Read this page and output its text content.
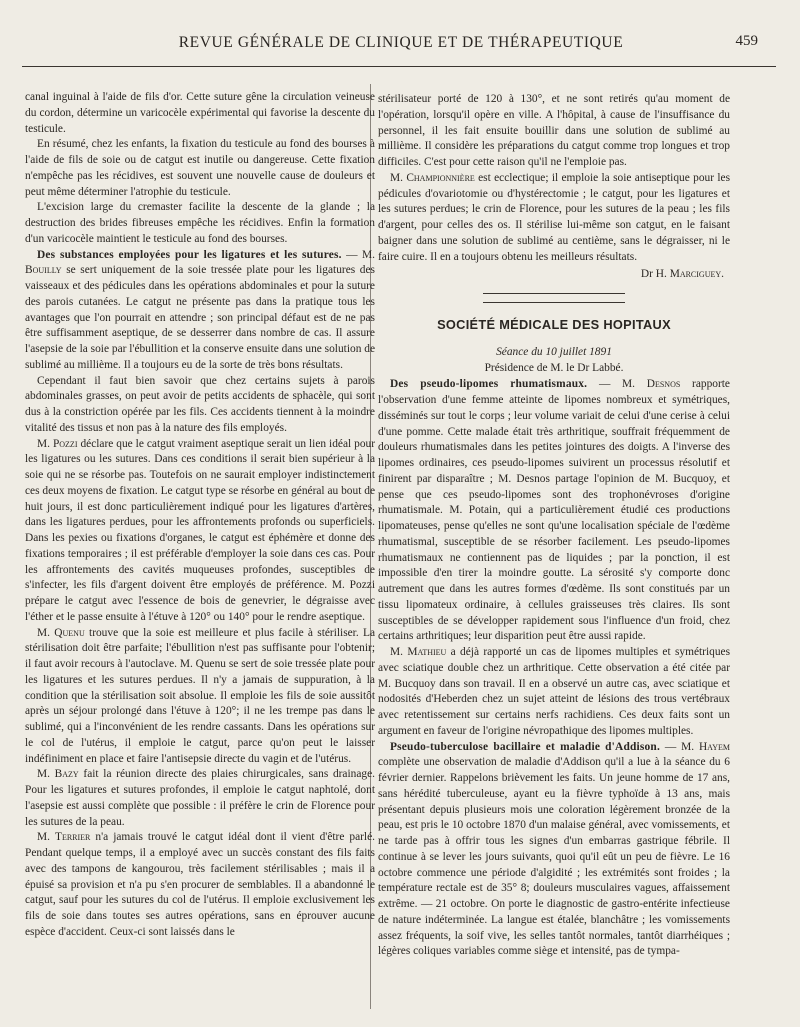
REVUE GÉNÉRALE DE CLINIQUE ET DE THÉRAPEUTIQUE	459

canal inguinal à l'aide de fils d'or. Cette suture gêne la circulation veineuse du cordon, détermine un varicocèle expérimental qui favorise la descente du testicule.

En résumé, chez les enfants, la fixation du testicule au fond des bourses à l'aide de fils de soie ou de catgut est inutile ou dangereuse. Cette fixation n'empêche pas les récidives, est souvent une nouvelle cause de douleurs et peut même déterminer l'atrophie du testicule.

L'excision large du cremaster facilite la descente de la glande ; la destruction des brides fibreuses empêche les récidives. Enfin la formation d'un varicocèle maintient le testicule au fond des bourses.

Des substances employées pour les ligatures et les sutures. — M. Bouilly se sert uniquement de la soie tressée plate pour les ligatures des vaisseaux et des pédicules dans les opérations abdominales et pour la suture des parois cutanées. Le catgut ne présente pas dans la pratique tous les avantages que l'on pourrait en attendre ; son principal défaut est de ne pas être suffisamment aseptique, de se desserrer dans nombre de cas. Il assure l'asepsie de la soie par l'ébullition et la conserve ensuite dans une solution de sublimé au millième. Il a toujours eu de la sorte de très bons résultats.

Cependant il faut bien savoir que chez certains sujets à parois abdominales grasses, on peut avoir de petits accidents de sphacèle, qui sont dus à la constriction opérée par les fils. Ces accidents tiennent à la moindre vitalité des tissus et non pas à la nature des fils employés.

M. Pozzi déclare que le catgut vraiment aseptique serait un lien idéal pour les ligatures ou les sutures. Dans ces conditions il serait bien supérieur à la soie qui ne se résorbe pas. Toutefois on ne saurait employer indistinctement ces deux moyens de fixation. Le catgut type se résorbe en général au bout de huit jours, il est donc particulièrement indiqué pour les ligatures d'artères, dans les ligatures perdues, pour les affrontements profonds ou superficiels. Dans les pexies ou fixations d'organes, le catgut est éphémère et donne des fixations temporaires ; il est préférable d'employer la soie dans ces cas. Pour les affrontements des cavités muqueuses profondes, susceptibles de s'infecter, les fils d'argent doivent être employés de préférence. M. Pozzi prépare le catgut avec l'essence de bois de genevrier, le dégraisse avec l'éther et le passe ensuite à l'étuve à 120° ou 140° pour le rendre aseptique.

M. Quenu trouve que la soie est meilleure et plus facile à stériliser. La stérilisation doit être parfaite; l'ébullition n'est pas suffisante pour l'obtenir; il faut avoir recours à l'autoclave. M. Quenu se sert de soie tressée plate pour les ligatures et les sutures perdues. Il n'y a jamais de suppuration, à la condition que la stérilisation soit absolue. Il emploie les fils de soie aussitôt après un séjour prolongé dans l'étuve à 120°; il ne les trempe pas dans le sublimé, qui a l'inconvénient de les rendre cassants. Dans les opérations sur le col de l'utérus, il emploie le catgut, parce qu'on peut le laisser indéfiniment en place et faire l'antisepsie directe du vagin et de l'utérus.

M. Bazy fait la réunion directe des plaies chirurgicales, sans drainage. Pour les ligatures et sutures profondes, il emploie le catgut naphtolé, dont l'asepsie est aussi complète que possible : il préfère le crin de Florence pour les sutures de la peau.

M. Terrier n'a jamais trouvé le catgut idéal dont il vient d'être parlé. Pendant quelque temps, il a employé avec un succès constant des fils faits avec des tampons de kangourou, très facilement stérilisables ; mais il a épuisé sa provision et n'a pu s'en procurer de semblables. Il a abandonné le catgut, sauf pour les sutures du col de l'utérus. Il emploie exclusivement les fils de soie dans toutes ses autres opérations, sans en éprouver aucune espèce d'accident. Ceux-ci sont laissés dans le

stérilisateur porté de 120 à 130°, et ne sont retirés qu'au moment de l'opération, lorsqu'il opère en ville. A l'hôpital, à cause de l'insuffisance du personnel, il les fait ensuite bouillir dans une solution de sublimé au millième. Il considère les préparations du catgut comme trop longues et trop difficiles. C'est pour cette raison qu'il ne l'emploie pas.

M. Championnière est ecclectique; il emploie la soie antiseptique pour les pédicules d'ovariotomie ou d'hystérectomie ; le catgut, pour les ligatures et les sutures perdues; le crin de Florence, pour les sutures de la peau ; les fils d'argent, pour celles des os. Il stérilise lui-même son catgut, en le faisant baigner dans une solution de sublimé au centième, sans le dégraisser, ni le faire cuire. Il en a toujours obtenu les meilleurs résultats.

Dr H. Marciguey.
SOCIÉTÉ MÉDICALE DES HOPITAUX
Séance du 10 juillet 1891
Présidence de M. le Dr Labbé.

Des pseudo-lipomes rhumatismaux. — M. Desnos rapporte l'observation d'une femme atteinte de lipomes nombreux et symétriques, disséminés sur tout le corps ; leur volume variait de celui d'une cerise à celui d'une pomme. Cette malade était très arthritique, souffrait fréquemment de douleurs rhumatismales dans les petites jointures des doigts. A l'inverse des lipomes ordinaires, ces pseudo-lipomes suivirent un processus résolutif et finirent par disparaître ; M. Desnos partage l'opinion de M. Bucquoy, et pense que ces pseudo-lipomes sont des trophonévroses d'origine rhumatismale. M. Potain, qui a particulièrement étudié ces productions lipomateuses, pense qu'elles ne sont qu'une localisation spéciale de l'œdème rhumatismal, susceptible de se résorber facilement. Les pseudo-lipomes rhumatismaux ne contiennent pas de liquides ; par la ponction, il est impossible d'en tirer la moindre goutte. La sérosité s'y comporte donc autrement que dans les autres formes d'œdème. Ils sont constitués par un tissu lipomateux ordinaire, à cellules graisseuses très claires. Ils sont susceptibles de se développer rapidement sous l'influence d'un froid, chez certains arthritiques; leur disparition peut être aussi rapide.

M. Mathieu a déjà rapporté un cas de lipomes multiples et symétriques avec sciatique double chez un arthritique. Cette observation a été citée par M. Bucquoy dans son travail. Il en a observé un autre cas, avec sciatique et nodosités d'Heberden chez un sujet atteint de lésions des trous vertébraux avec retentissement sur certains nerfs rachidiens. Ces deux faits sont un argument en faveur de l'origine névropathique des lipomes multiples.

Pseudo-tuberculose bacillaire et maladie d'Addison. — M. Hayem complète une observation de maladie d'Addison qu'il a lue à la séance du 6 février dernier. Rappelons brièvement les faits. Un jeune homme de 17 ans, sans hérédité tuberculeuse, ayant eu la fièvre typhoïde à 13 ans, mais présentant depuis plusieurs mois une coloration légèrement bronzée de la peau, est pris le 10 octobre 1870 d'un malaise général, avec vomissements, et ne tarde pas à offrir tous les signes d'un embarras gastrique fébrile. Il continue à se lever les jours suivants, quoi qu'il eût un peu de fièvre. Le 16 octobre commence une période d'algidité ; les extrémités sont froides ; la température rectale est de 35° 8; douleurs musculaires vagues, affaissement extrême. — 21 octobre. On porte le diagnostic de gastro-entérite infectieuse de nature indéterminée. La langue est étalée, blanchâtre ; les vomissements assez fréquents, la soif vive, les selles tantôt normales, tantôt diarrhéiques ; légères coliques variables comme siège et intensité, pas de tympa-
